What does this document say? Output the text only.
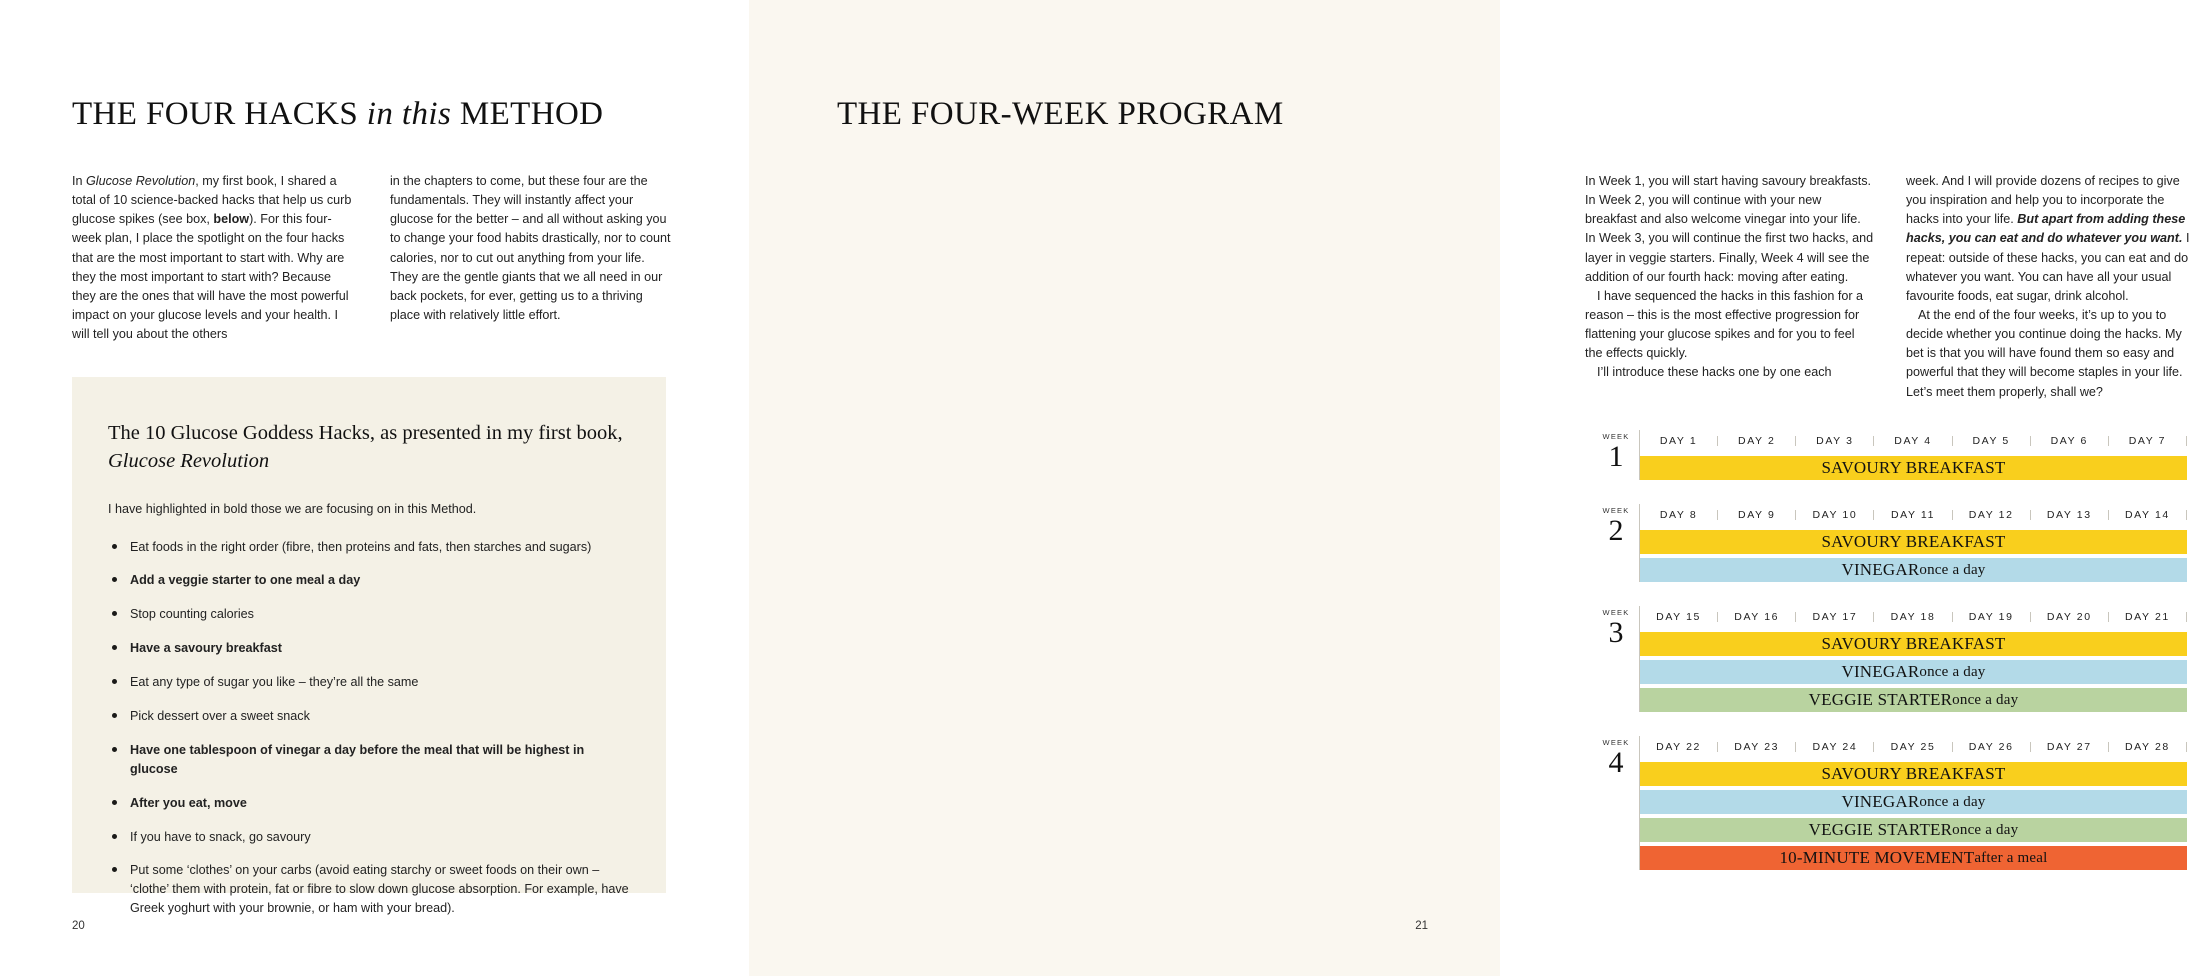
THE FOUR HACKS in this METHOD

In Glucose Revolution, my first book, I shared a total of 10 science-backed hacks that help us curb glucose spikes (see box, below). For this four-week plan, I place the spotlight on the four hacks that are the most important to start with. Why are they the most important to start with? Because they are the ones that will have the most powerful impact on your glucose levels and your health. I will tell you about the others

in the chapters to come, but these four are the fundamentals. They will instantly affect your glucose for the better – and all without asking you to change your food habits drastically, nor to count calories, nor to cut out anything from your life. They are the gentle giants that we all need in our back pockets, for ever, getting us to a thriving place with relatively little effort.

The 10 Glucose Goddess Hacks, as presented in my first book,
Glucose Revolution

I have highlighted in bold those we are focusing on in this Method.

Eat foods in the right order (fibre, then proteins and fats, then starches and sugars)
Add a veggie starter to one meal a day
Stop counting calories
Have a savoury breakfast
Eat any type of sugar you like – they’re all the same
Pick dessert over a sweet snack
Have one tablespoon of vinegar a day before the meal that will be highest in glucose
After you eat, move
If you have to snack, go savoury
Put some ‘clothes’ on your carbs (avoid eating starchy or sweet foods on their own – ‘clothe’ them with protein, fat or fibre to slow down glucose absorption. For example, have Greek yoghurt with your brownie, or ham with your bread).
20
THE FOUR-WEEK PROGRAM

In Week 1, you will start having savoury breakfasts. In Week 2, you will continue with your new breakfast and also welcome vinegar into your life. In Week 3, you will continue the first two hacks, and layer in veggie starters. Finally, Week 4 will see the addition of our fourth hack: moving after eating.

I have sequenced the hacks in this fashion for a reason – this is the most effective progression for flattening your glucose spikes and for you to feel the effects quickly.

I’ll introduce these hacks one by one each

week. And I will provide dozens of recipes to give you inspiration and help you to incorporate the hacks into your life. But apart from adding these hacks, you can eat and do whatever you want. I repeat: outside of these hacks, you can eat and do whatever you want. You can have all your usual favourite foods, eat sugar, drink alcohol.

At the end of the four weeks, it’s up to you to decide whether you continue doing the hacks. My bet is that you will have found them so easy and powerful that they will become staples in your life. Let’s meet them properly, shall we?

WEEK
1	DAY 1	DAY 2	DAY 3	DAY 4	DAY 5	DAY 6	DAY 7
SAVOURY BREAKFAST
WEEK
2	DAY 8	DAY 9	DAY 10	DAY 11	DAY 12	DAY 13	DAY 14
SAVOURY BREAKFAST
VINEGAR once a day
WEEK
3	DAY 15	DAY 16	DAY 17	DAY 18	DAY 19	DAY 20	DAY 21
SAVOURY BREAKFAST
VINEGAR once a day
VEGGIE STARTER once a day
WEEK
4	DAY 22	DAY 23	DAY 24	DAY 25	DAY 26	DAY 27	DAY 28
SAVOURY BREAKFAST
VINEGAR once a day
VEGGIE STARTER once a day
10-MINUTE MOVEMENT after a meal
21
